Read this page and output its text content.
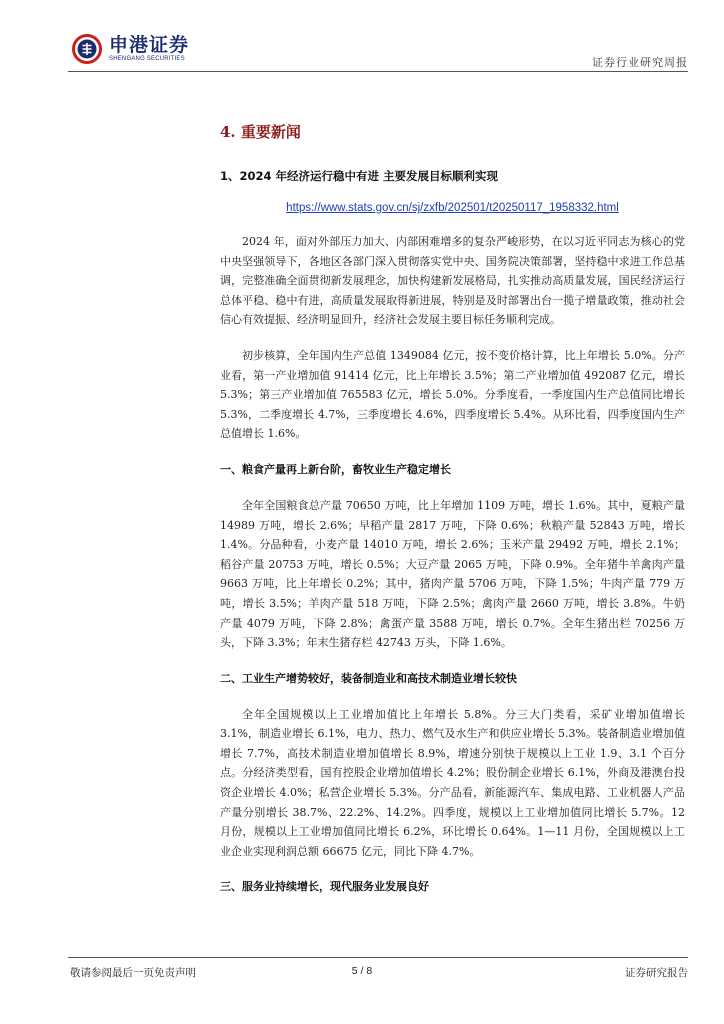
申港证券
SHENGANG SECURITIES	证券行业研究周报
4. 重要新闻
1、2024 年经济运行稳中有进 主要发展目标顺利实现
https://www.stats.gov.cn/sj/zxfb/202501/t20250117_1958332.html

2024 年，面对外部压力加大、内部困难增多的复杂严峻形势，在以习近平同志为核心的党中央坚强领导下，各地区各部门深入贯彻落实党中央、国务院决策部署，坚持稳中求进工作总基调，完整准确全面贯彻新发展理念，加快构建新发展格局，扎实推动高质量发展，国民经济运行总体平稳、稳中有进，高质量发展取得新进展，特别是及时部署出台一揽子增量政策，推动社会信心有效提振、经济明显回升，经济社会发展主要目标任务顺利完成。

初步核算，全年国内生产总值 1349084 亿元，按不变价格计算，比上年增长 5.0%。分产业看，第一产业增加值 91414 亿元，比上年增长 3.5%；第二产业增加值 492087 亿元，增长 5.3%；第三产业增加值 765583 亿元，增长 5.0%。分季度看，一季度国内生产总值同比增长 5.3%，二季度增长 4.7%，三季度增长 4.6%，四季度增长 5.4%。从环比看，四季度国内生产总值增长 1.6%。

一、粮食产量再上新台阶，畜牧业生产稳定增长

全年全国粮食总产量 70650 万吨，比上年增加 1109 万吨，增长 1.6%。其中，夏粮产量 14989 万吨，增长 2.6%；早稻产量 2817 万吨，下降 0.6%；秋粮产量 52843 万吨，增长 1.4%。分品种看，小麦产量 14010 万吨，增长 2.6%；玉米产量 29492 万吨，增长 2.1%；稻谷产量 20753 万吨，增长 0.5%；大豆产量 2065 万吨，下降 0.9%。全年猪牛羊禽肉产量 9663 万吨，比上年增长 0.2%；其中，猪肉产量 5706 万吨，下降 1.5%；牛肉产量 779 万吨，增长 3.5%；羊肉产量 518 万吨，下降 2.5%；禽肉产量 2660 万吨，增长 3.8%。牛奶产量 4079 万吨，下降 2.8%；禽蛋产量 3588 万吨，增长 0.7%。全年生猪出栏 70256 万头，下降 3.3%；年末生猪存栏 42743 万头，下降 1.6%。

二、工业生产增势较好，装备制造业和高技术制造业增长较快

全年全国规模以上工业增加值比上年增长 5.8%。分三大门类看，采矿业增加值增长 3.1%，制造业增长 6.1%，电力、热力、燃气及水生产和供应业增长 5.3%。装备制造业增加值增长 7.7%，高技术制造业增加值增长 8.9%，增速分别快于规模以上工业 1.9、3.1 个百分点。分经济类型看，国有控股企业增加值增长 4.2%；股份制企业增长 6.1%，外商及港澳台投资企业增长 4.0%；私营企业增长 5.3%。分产品看，新能源汽车、集成电路、工业机器人产品产量分别增长 38.7%、22.2%、14.2%。四季度，规模以上工业增加值同比增长 5.7%。12 月份，规模以上工业增加值同比增长 6.2%，环比增长 0.64%。1—11 月份，全国规模以上工业企业实现利润总额 66675 亿元，同比下降 4.7%。

三、服务业持续增长，现代服务业发展良好
敬请参阅最后一页免责声明	5 / 8	证券研究报告
